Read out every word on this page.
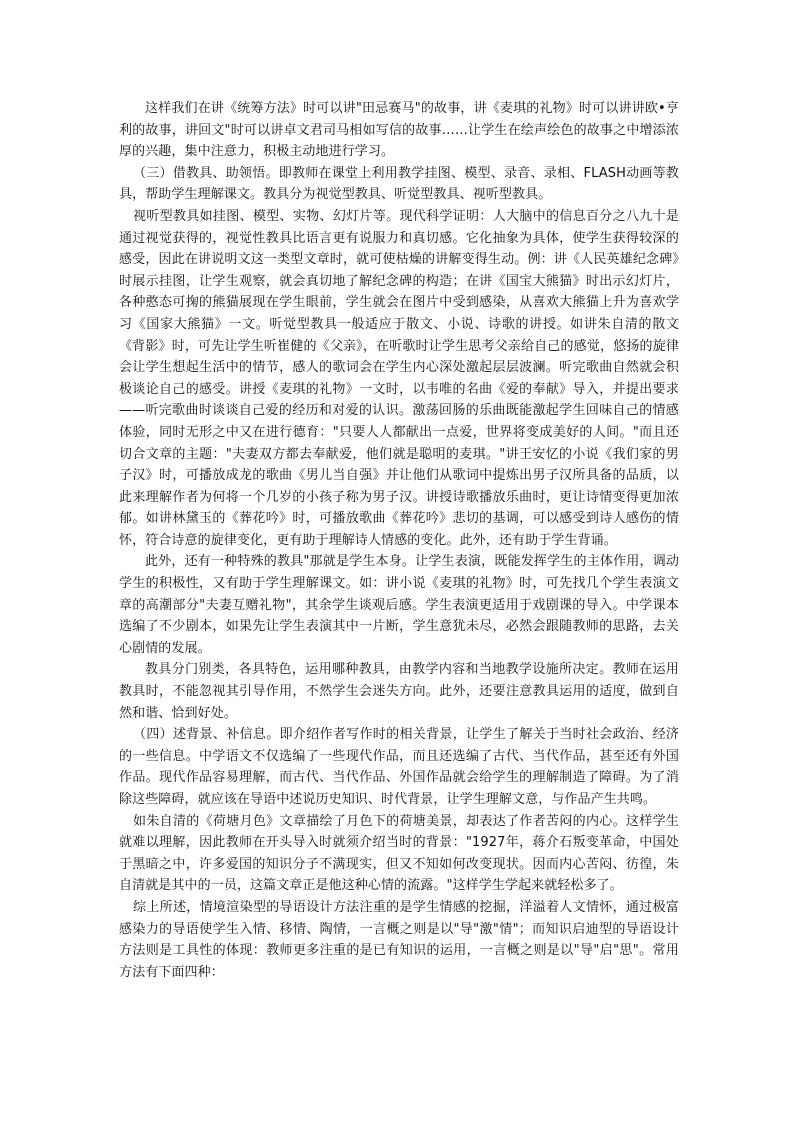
这样我们在讲《统筹方法》时可以讲"田忌赛马"的故事，讲《麦琪的礼物》时可以讲讲欧•亨利的故事，讲回文"时可以讲卓文君司马相如写信的故事……让学生在绘声绘色的故事之中增添浓厚的兴趣，集中注意力，积极主动地进行学习。

（三）借教具、助领悟。即教师在课堂上利用教学挂图、模型、录音、录相、FLASH动画等教具，帮助学生理解课文。教具分为视觉型教具、听觉型教具、视听型教具。

视听型教具如挂图、模型、实物、幻灯片等。现代科学证明：人大脑中的信息百分之八九十是通过视觉获得的，视觉性教具比语言更有说服力和真切感。它化抽象为具体，使学生获得较深的感受，因此在讲说明文这一类型文章时，就可使枯燥的讲解变得生动。例：讲《人民英雄纪念碑》时展示挂图，让学生观察，就会真切地了解纪念碑的构造；在讲《国宝大熊猫》时出示幻灯片，各种憨态可掬的熊猫展现在学生眼前，学生就会在图片中受到感染，从喜欢大熊猫上升为喜欢学习《国家大熊猫》一文。听觉型教具一般适应于散文、小说、诗歌的讲授。如讲朱自清的散文《背影》时，可先让学生听崔健的《父亲》，在听歌时让学生思考父亲给自己的感觉，悠扬的旋律会让学生想起生活中的情节，感人的歌词会在学生内心深处激起层层波澜。听完歌曲自然就会积极谈论自己的感受。讲授《麦琪的礼物》一文时，以韦唯的名曲《爱的奉献》导入，并提出要求——听完歌曲时谈谈自己爱的经历和对爱的认识。激荡回肠的乐曲既能激起学生回味自己的情感体验，同时无形之中又在进行德育："只要人人都献出一点爱，世界将变成美好的人间。"而且还切合文章的主题："夫妻双方都去奉献爱，他们就是聪明的麦琪。"讲王安忆的小说《我们家的男子汉》时，可播放成龙的歌曲《男儿当自强》并让他们从歌词中提炼出男子汉所具备的品质，以此来理解作者为何将一个几岁的小孩子称为男子汉。讲授诗歌播放乐曲时，更让诗情变得更加浓郁。如讲林黛玉的《葬花吟》时，可播放歌曲《葬花吟》悲切的基调，可以感受到诗人感伤的情怀，符合诗意的旋律变化，更有助于理解诗人情感的变化。此外，还有助于学生背诵。

此外，还有一种特殊的教具"那就是学生本身。让学生表演，既能发挥学生的主体作用，调动学生的积极性，又有助于学生理解课文。如：讲小说《麦琪的礼物》时，可先找几个学生表演文章的高潮部分"夫妻互赠礼物"，其余学生谈观后感。学生表演更适用于戏剧课的导入。中学课本选编了不少剧本，如果先让学生表演其中一片断，学生意犹未尽，必然会跟随教师的思路，去关心剧情的发展。

教具分门别类，各具特色，运用哪种教具，由教学内容和当地教学设施所决定。教师在运用教具时，不能忽视其引导作用，不然学生会迷失方向。此外，还要注意教具运用的适度，做到自然和谐、恰到好处。

（四）述背景、补信息。即介绍作者写作时的相关背景，让学生了解关于当时社会政治、经济的一些信息。中学语文不仅选编了一些现代作品，而且还选编了古代、当代作品，甚至还有外国作品。现代作品容易理解，而古代、当代作品、外国作品就会给学生的理解制造了障碍。为了消除这些障碍，就应该在导语中述说历史知识、时代背景，让学生理解文意，与作品产生共鸣。

如朱自清的《荷塘月色》文章描绘了月色下的荷塘美景，却表达了作者苦闷的内心。这样学生就难以理解，因此教师在开头导入时就须介绍当时的背景："1927年，蒋介石叛变革命，中国处于黑暗之中，许多爱国的知识分子不满现实，但又不知如何改变现状。因而内心苦闷、彷徨，朱自清就是其中的一员，这篇文章正是他这种心情的流露。"这样学生学起来就轻松多了。

综上所述，情境渲染型的导语设计方法注重的是学生情感的挖掘，洋溢着人文情怀，通过极富感染力的导语使学生入情、移情、陶情，一言概之则是以"导"激"情"；而知识启迪型的导语设计方法则是工具性的体现：教师更多注重的是已有知识的运用，一言概之则是以"导"启"思"。常用方法有下面四种：
